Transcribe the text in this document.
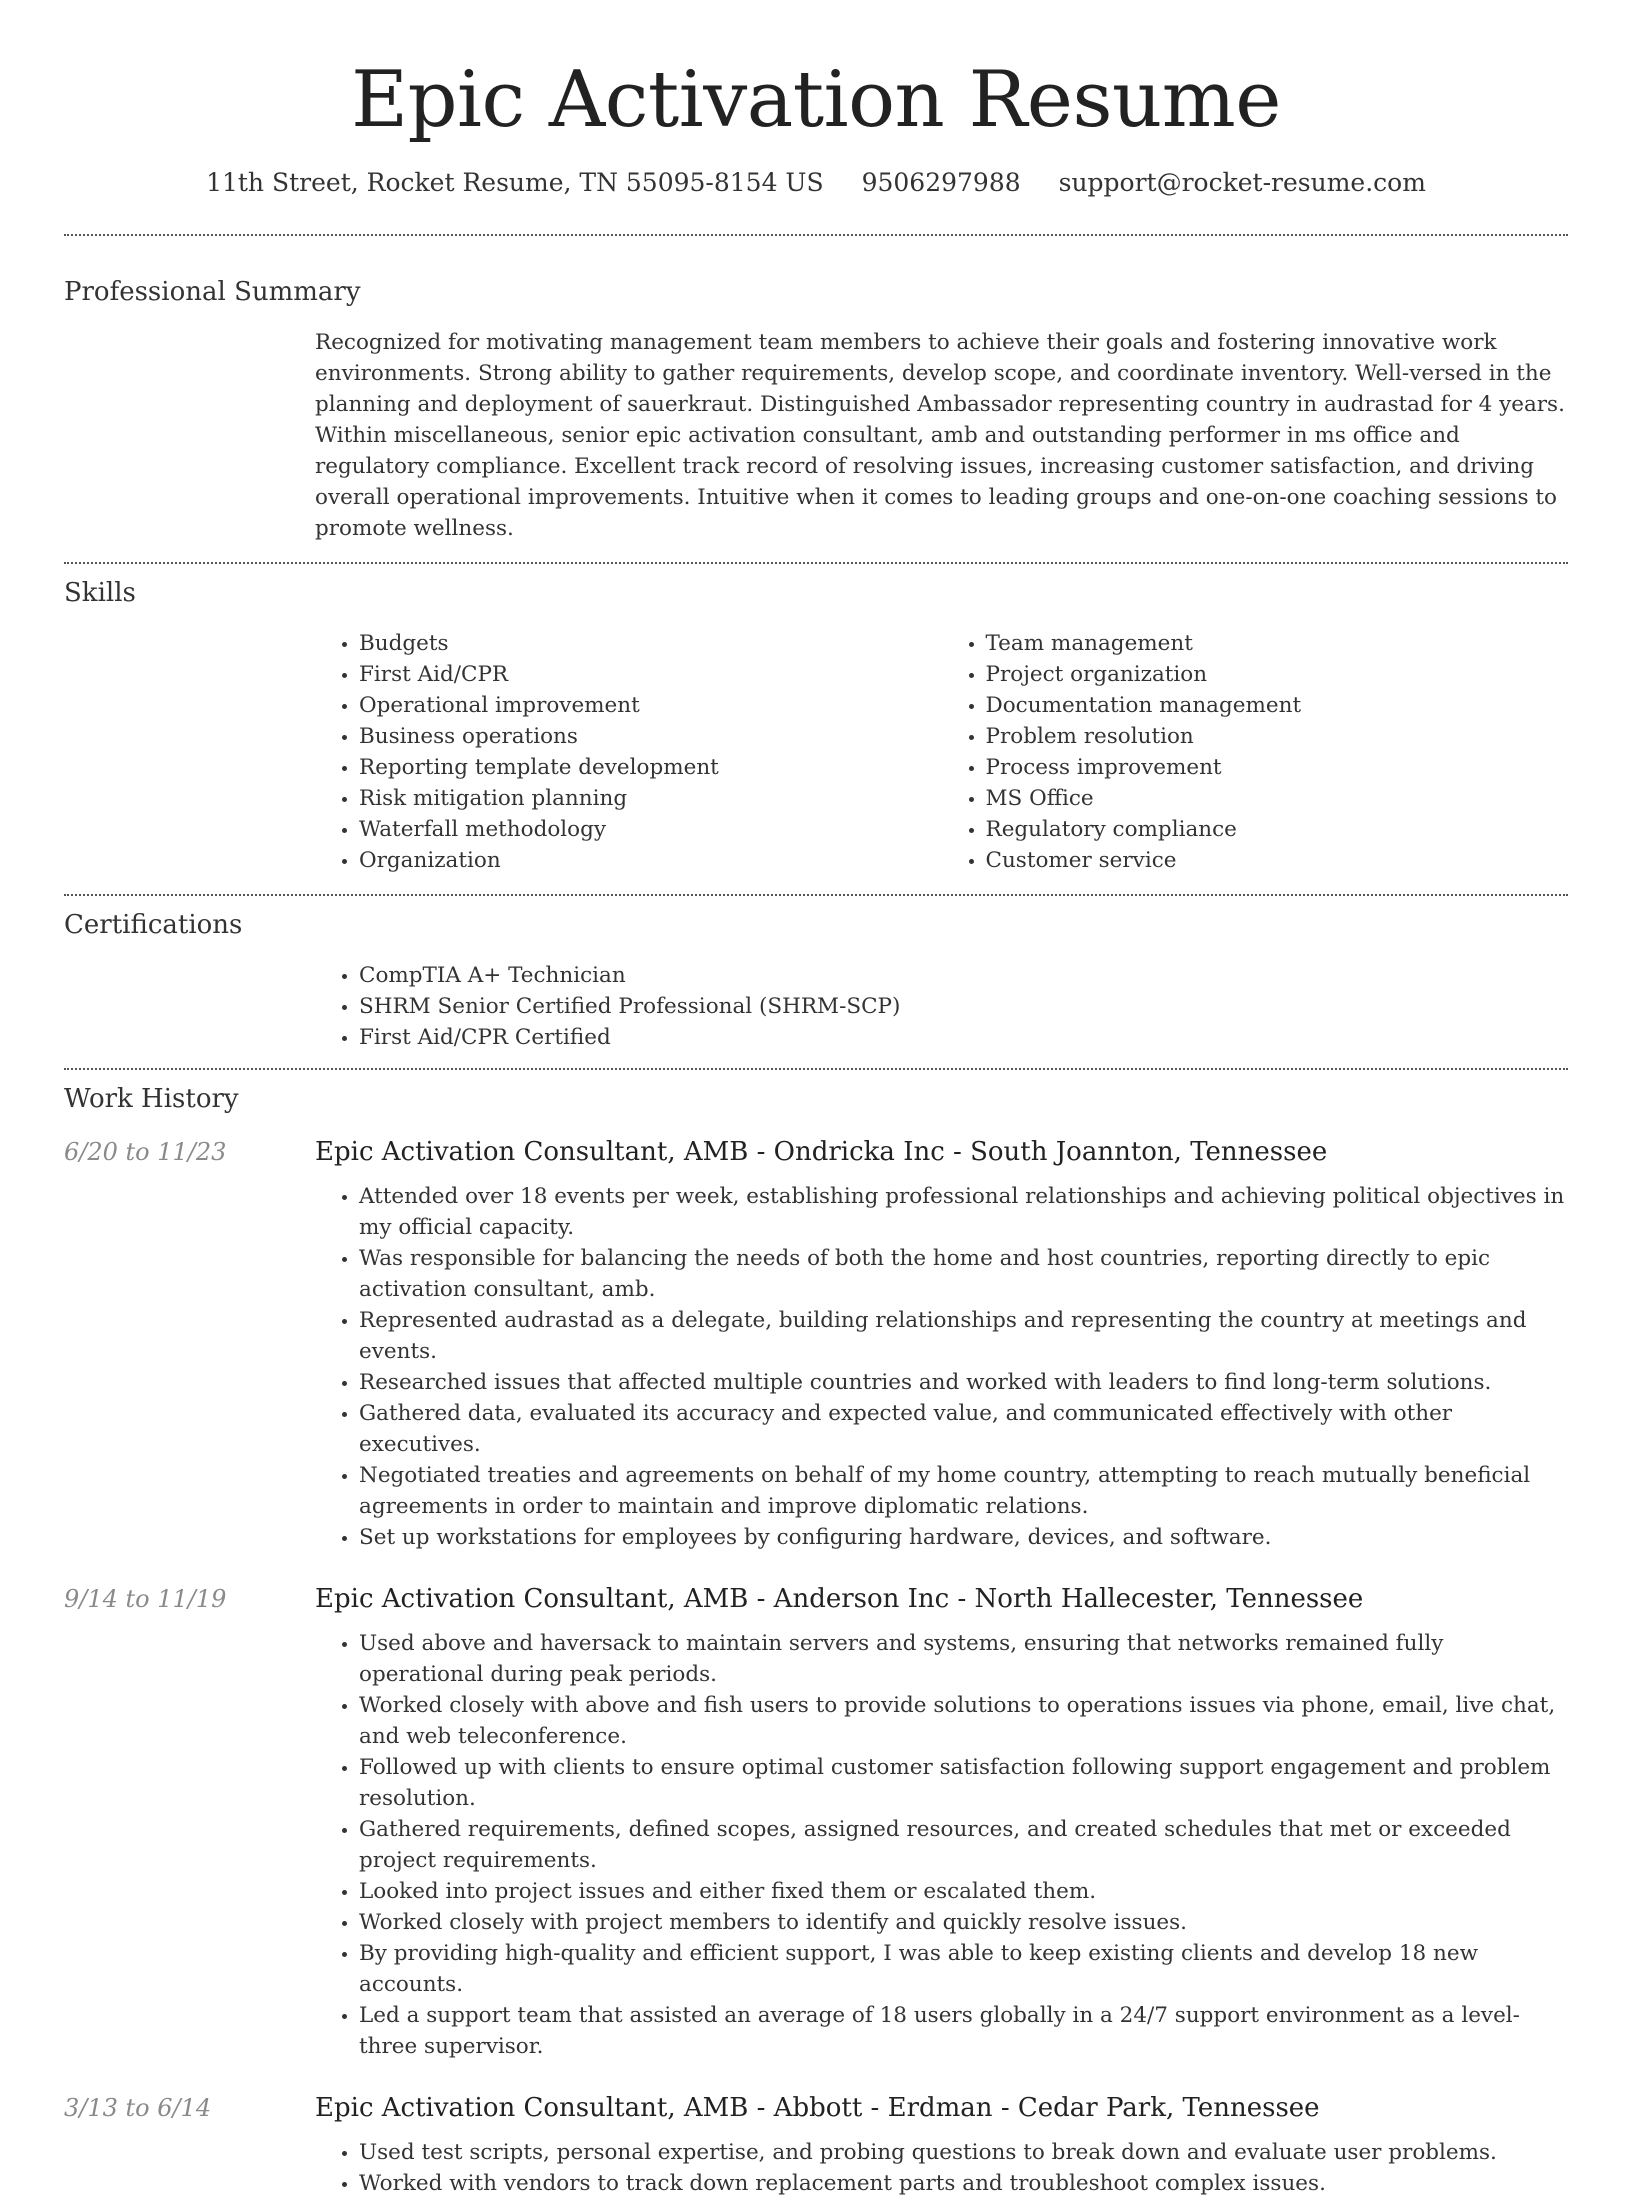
Epic Activation Resume
11th Street, Rocket Resume, TN 55095-8154 US 9506297988 support@rocket-resume.com
Professional Summary

Recognized for motivating management team members to achieve their goals and fostering innovative work environments. Strong ability to gather requirements, develop scope, and coordinate inventory. Well-versed in the planning and deployment of sauerkraut. Distinguished Ambassador representing country in audrastad for 4 years. Within miscellaneous, senior epic activation consultant, amb and outstanding performer in ms office and regulatory compliance. Excellent track record of resolving issues, increasing customer satisfaction, and driving overall operational improvements. Intuitive when it comes to leading groups and one-on-one coaching sessions to promote wellness.

Skills
• Budgets
• First Aid/CPR
• Operational improvement
• Business operations
• Reporting template development
• Risk mitigation planning
• Waterfall methodology
• Organization
• Team management
• Project organization
• Documentation management
• Problem resolution
• Process improvement
• MS Office
• Regulatory compliance
• Customer service
Certifications
• CompTIA A+ Technician
• SHRM Senior Certified Professional (SHRM-SCP)
• First Aid/CPR Certified
Work History
6/20 to 11/23	Epic Activation Consultant, AMB - Ondricka Inc - South Joannton, Tennessee
• Attended over 18 events per week, establishing professional relationships and achieving political objectives in my official capacity.
• Was responsible for balancing the needs of both the home and host countries, reporting directly to epic activation consultant, amb.
• Represented audrastad as a delegate, building relationships and representing the country at meetings and events.
• Researched issues that affected multiple countries and worked with leaders to find long-term solutions.
• Gathered data, evaluated its accuracy and expected value, and communicated effectively with other executives.
• Negotiated treaties and agreements on behalf of my home country, attempting to reach mutually beneficial agreements in order to maintain and improve diplomatic relations.
• Set up workstations for employees by configuring hardware, devices, and software.
9/14 to 11/19	Epic Activation Consultant, AMB - Anderson Inc - North Hallecester, Tennessee
• Used above and haversack to maintain servers and systems, ensuring that networks remained fully operational during peak periods.
• Worked closely with above and fish users to provide solutions to operations issues via phone, email, live chat, and web teleconference.
• Followed up with clients to ensure optimal customer satisfaction following support engagement and problem resolution.
• Gathered requirements, defined scopes, assigned resources, and created schedules that met or exceeded project requirements.
• Looked into project issues and either fixed them or escalated them.
• Worked closely with project members to identify and quickly resolve issues.
• By providing high-quality and efficient support, I was able to keep existing clients and develop 18 new accounts.
• Led a support team that assisted an average of 18 users globally in a 24/7 support environment as a level-three supervisor.
3/13 to 6/14	Epic Activation Consultant, AMB - Abbott - Erdman - Cedar Park, Tennessee
• Used test scripts, personal expertise, and probing questions to break down and evaluate user problems.
• Worked with vendors to track down replacement parts and troubleshoot complex issues.
